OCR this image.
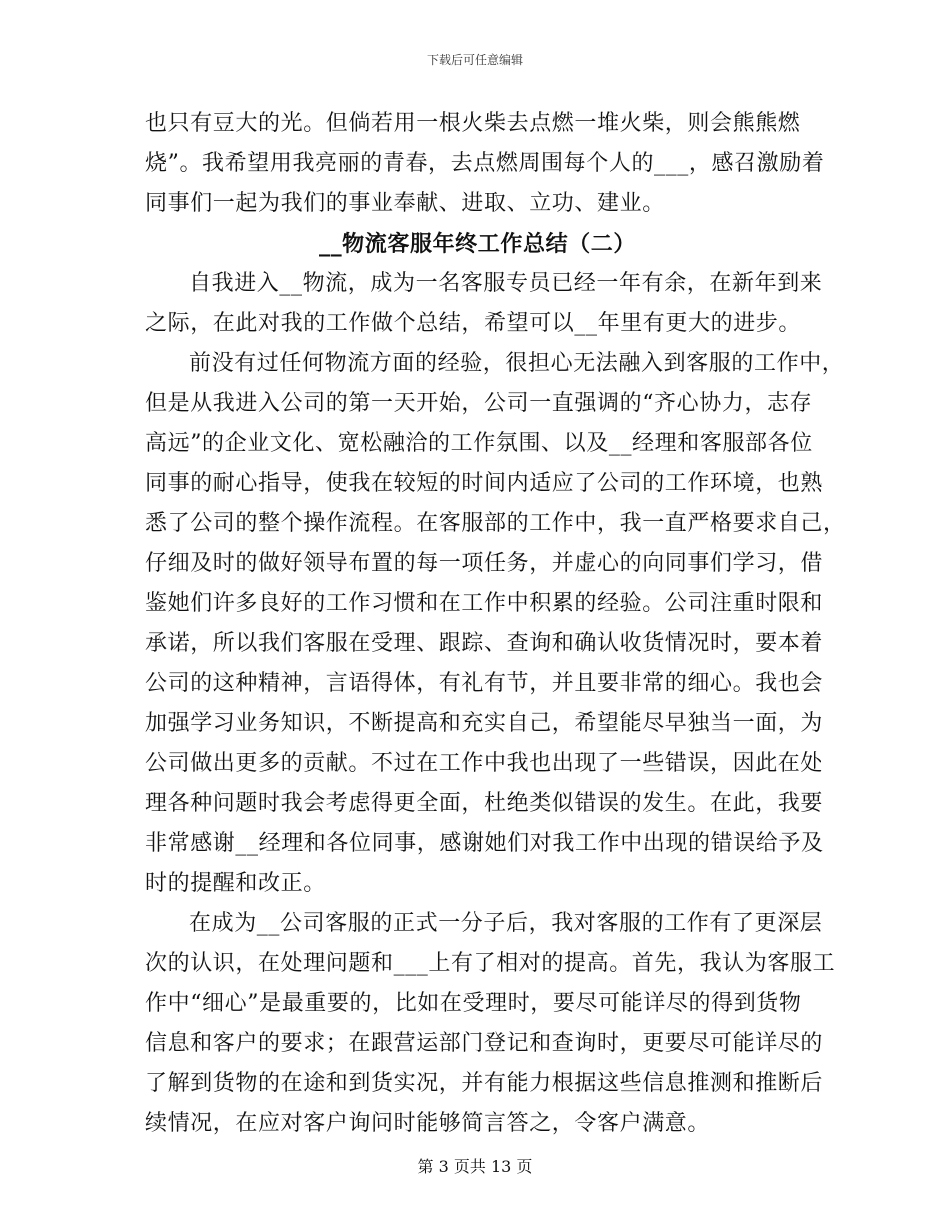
下载后可任意编辑
也只有豆大的光。但倘若用一根火柴去点燃一堆火柴，则会熊熊燃
烧”。我希望用我亮丽的青春，去点燃周围每个人的___，感召激励着
同事们一起为我们的事业奉献、进取、立功、建业。
__物流客服年终工作总结（二）
自我进入__物流，成为一名客服专员已经一年有余，在新年到来
之际，在此对我的工作做个总结，希望可以__年里有更大的进步。
前没有过任何物流方面的经验，很担心无法融入到客服的工作中，
但是从我进入公司的第一天开始，公司一直强调的“齐心协力，志存
高远”的企业文化、宽松融洽的工作氛围、以及__经理和客服部各位
同事的耐心指导，使我在较短的时间内适应了公司的工作环境，也熟
悉了公司的整个操作流程。在客服部的工作中，我一直严格要求自己，
仔细及时的做好领导布置的每一项任务，并虚心的向同事们学习，借
鉴她们许多良好的工作习惯和在工作中积累的经验。公司注重时限和
承诺，所以我们客服在受理、跟踪、查询和确认收货情况时，要本着
公司的这种精神，言语得体，有礼有节，并且要非常的细心。我也会
加强学习业务知识，不断提高和充实自己，希望能尽早独当一面，为
公司做出更多的贡献。不过在工作中我也出现了一些错误，因此在处
理各种问题时我会考虑得更全面，杜绝类似错误的发生。在此，我要
非常感谢__经理和各位同事，感谢她们对我工作中出现的错误给予及
时的提醒和改正。
在成为__公司客服的正式一分子后，我对客服的工作有了更深层
次的认识，在处理问题和___上有了相对的提高。首先，我认为客服工
作中“细心”是最重要的，比如在受理时，要尽可能详尽的得到货物
信息和客户的要求；在跟营运部门登记和查询时，更要尽可能详尽的
了解到货物的在途和到货实况，并有能力根据这些信息推测和推断后
续情况，在应对客户询问时能够简言答之，令客户满意。
第 3 页共 13 页
